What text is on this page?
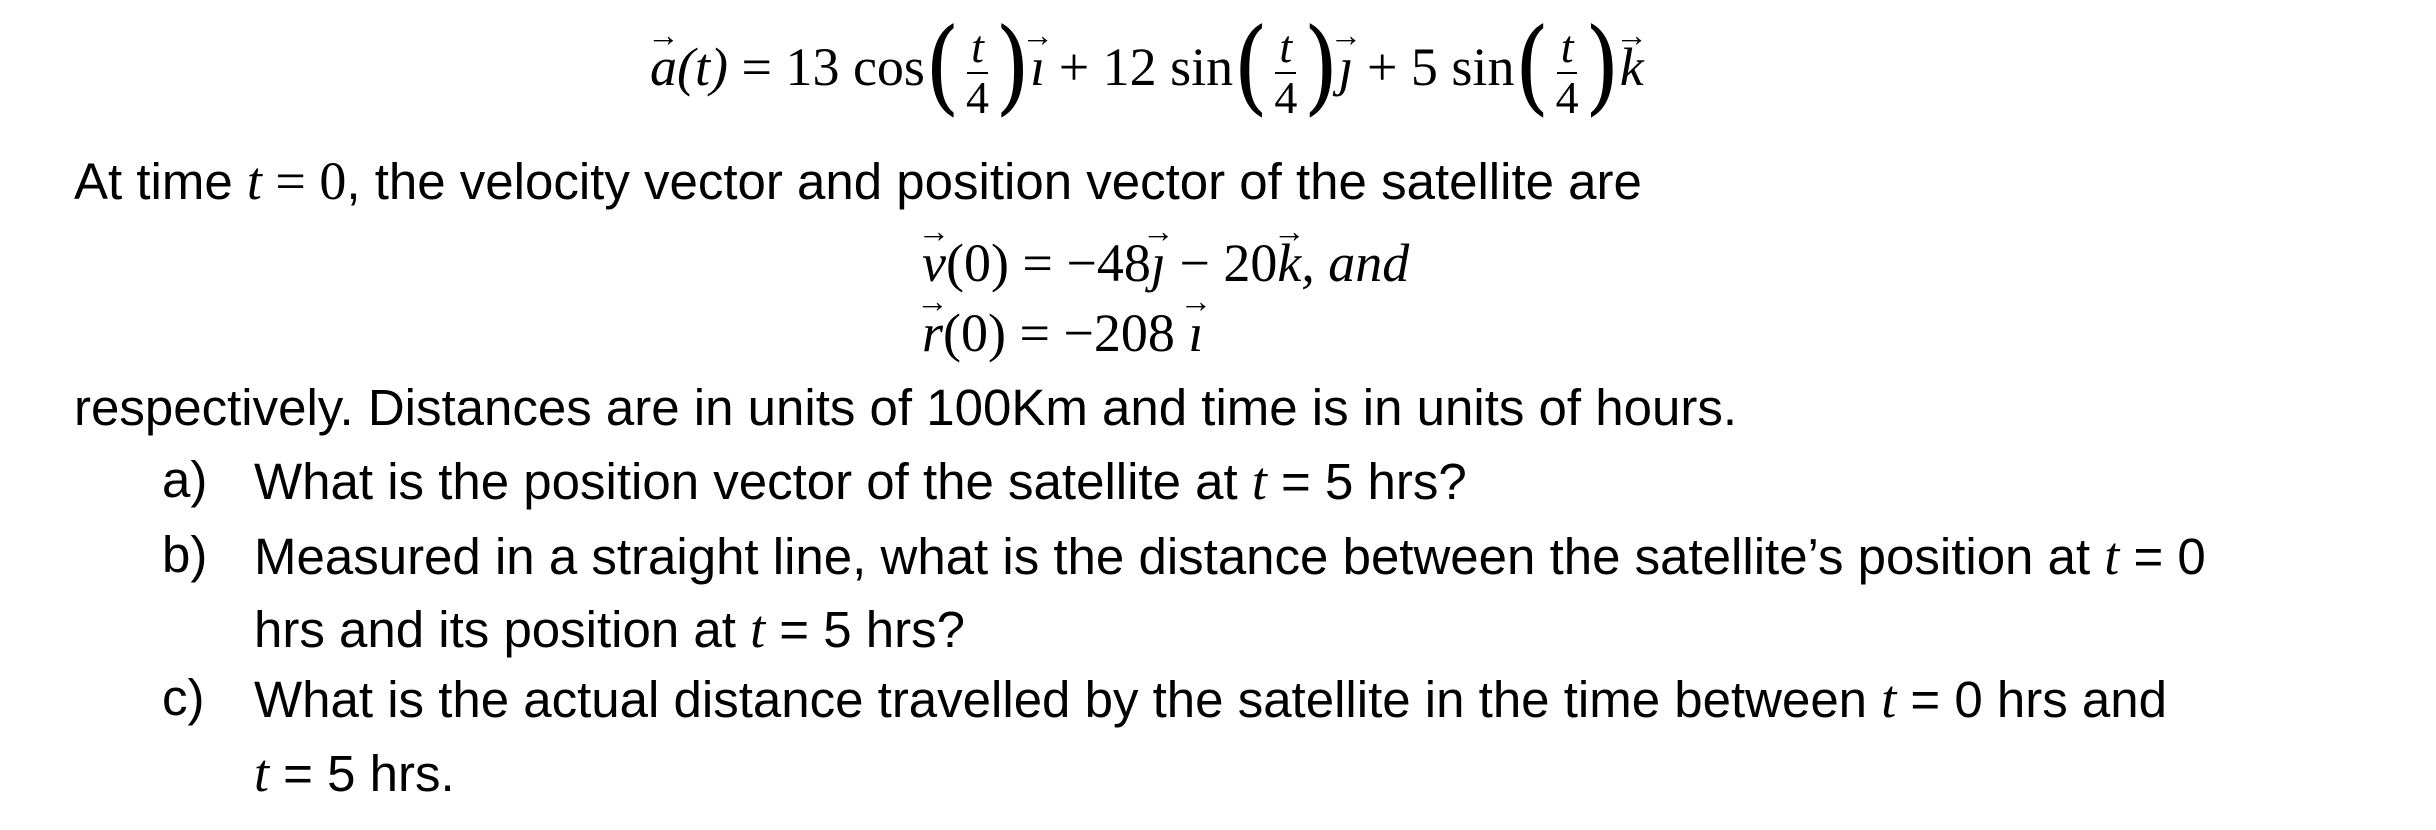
a →(t) = 13 $\cos( \frac{t}{4}$ )ı → + 12 $\sin( \frac{t}{4}$ )ȷ → + 5 $\sin( \frac{t}{4} )k$ →
At time t = 0, the velocity vector and position vector of the satellite are
v →(0) = −48ȷ → − 20k →, and
r →(0) = −208 ı →
respectively. Distances are in units of 100Km and time is in units of hours.
a) What is the position vector of the satellite at t = 5 hrs?
b) Measured in a straight line, what is the distance between the satellite’s position at t = 0
hrs and its position at t = 5 hrs?
c) What is the actual distance travelled by the satellite in the time between t = 0 hrs and
t = 5 hrs.
